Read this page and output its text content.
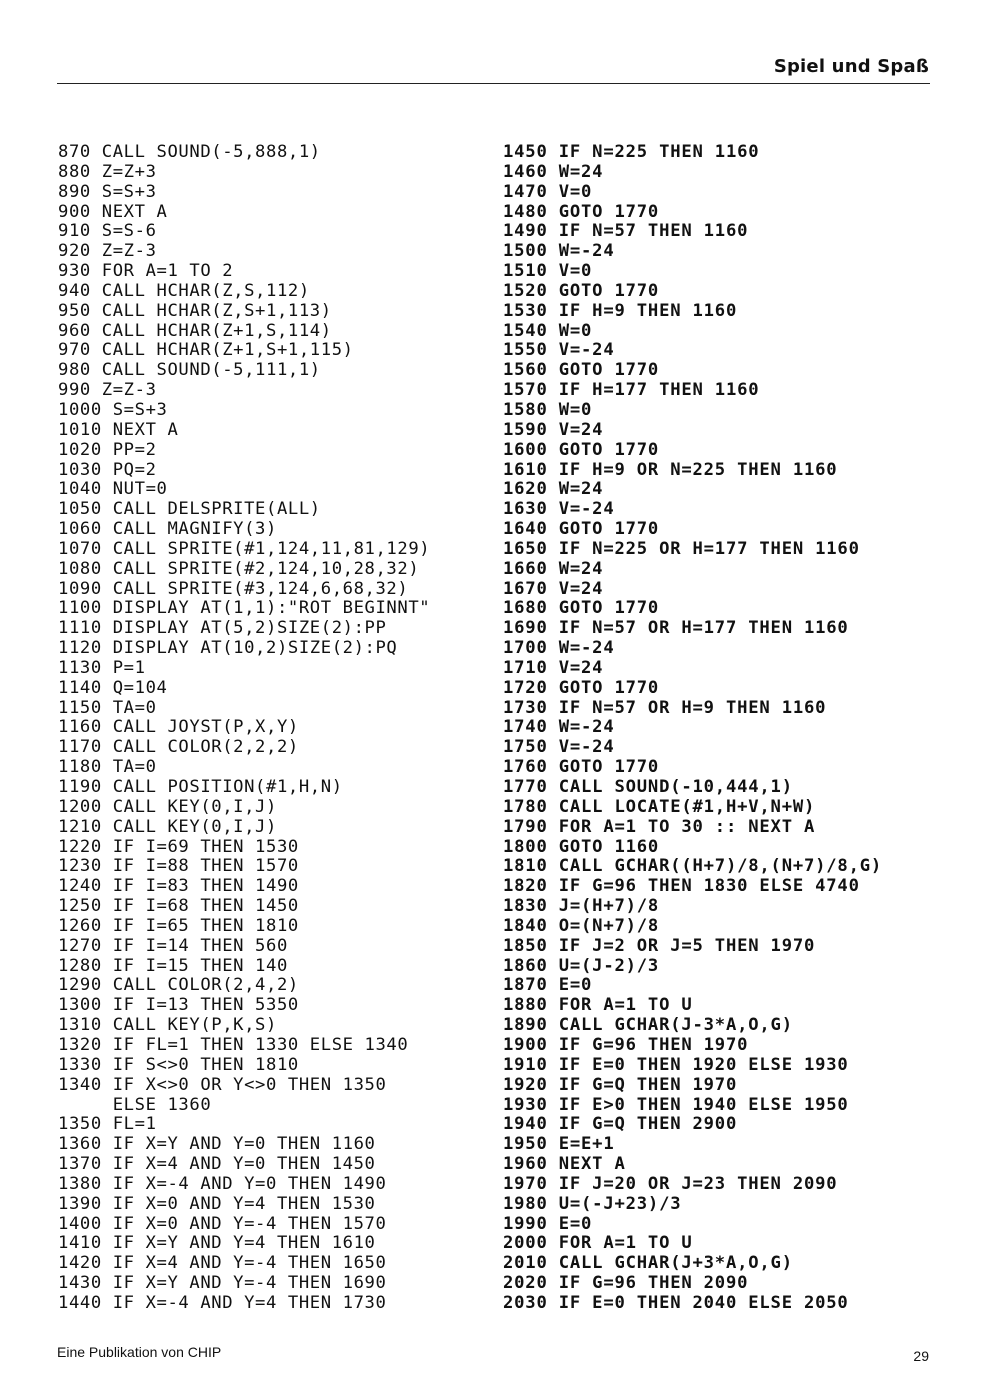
Spiel und Spaß
870 CALL SOUND(-5,888,1)
880 Z=Z+3
890 S=S+3
900 NEXT A
910 S=S-6
920 Z=Z-3
930 FOR A=1 TO 2
940 CALL HCHAR(Z,S,112)
950 CALL HCHAR(Z,S+1,113)
960 CALL HCHAR(Z+1,S,114)
970 CALL HCHAR(Z+1,S+1,115)
980 CALL SOUND(-5,111,1)
990 Z=Z-3
1000 S=S+3
1010 NEXT A
1020 PP=2
1030 PQ=2
1040 NUT=0
1050 CALL DELSPRITE(ALL)
1060 CALL MAGNIFY(3)
1070 CALL SPRITE(#1,124,11,81,129)
1080 CALL SPRITE(#2,124,10,28,32)
1090 CALL SPRITE(#3,124,6,68,32)
1100 DISPLAY AT(1,1):"ROT BEGINNT"
1110 DISPLAY AT(5,2)SIZE(2):PP
1120 DISPLAY AT(10,2)SIZE(2):PQ
1130 P=1
1140 Q=104
1150 TA=0
1160 CALL JOYST(P,X,Y)
1170 CALL COLOR(2,2,2)
1180 TA=0
1190 CALL POSITION(#1,H,N)
1200 CALL KEY(0,I,J)
1210 CALL KEY(0,I,J)
1220 IF I=69 THEN 1530
1230 IF I=88 THEN 1570
1240 IF I=83 THEN 1490
1250 IF I=68 THEN 1450
1260 IF I=65 THEN 1810
1270 IF I=14 THEN 560
1280 IF I=15 THEN 140
1290 CALL COLOR(2,4,2)
1300 IF I=13 THEN 5350
1310 CALL KEY(P,K,S)
1320 IF FL=1 THEN 1330 ELSE 1340
1330 IF S<>0 THEN 1810
1340 IF X<>0 OR Y<>0 THEN 1350
ELSE 1360
1350 FL=1
1360 IF X=Y AND Y=0 THEN 1160
1370 IF X=4 AND Y=0 THEN 1450
1380 IF X=-4 AND Y=0 THEN 1490
1390 IF X=0 AND Y=4 THEN 1530
1400 IF X=0 AND Y=-4 THEN 1570
1410 IF X=Y AND Y=4 THEN 1610
1420 IF X=4 AND Y=-4 THEN 1650
1430 IF X=Y AND Y=-4 THEN 1690
1440 IF X=-4 AND Y=4 THEN 1730
1450 IF N=225 THEN 1160
1460 W=24
1470 V=0
1480 GOTO 1770
1490 IF N=57 THEN 1160
1500 W=-24
1510 V=0
1520 GOTO 1770
1530 IF H=9 THEN 1160
1540 W=0
1550 V=-24
1560 GOTO 1770
1570 IF H=177 THEN 1160
1580 W=0
1590 V=24
1600 GOTO 1770
1610 IF H=9 OR N=225 THEN 1160
1620 W=24
1630 V=-24
1640 GOTO 1770
1650 IF N=225 OR H=177 THEN 1160
1660 W=24
1670 V=24
1680 GOTO 1770
1690 IF N=57 OR H=177 THEN 1160
1700 W=-24
1710 V=24
1720 GOTO 1770
1730 IF N=57 OR H=9 THEN 1160
1740 W=-24
1750 V=-24
1760 GOTO 1770
1770 CALL SOUND(-10,444,1)
1780 CALL LOCATE(#1,H+V,N+W)
1790 FOR A=1 TO 30 :: NEXT A
1800 GOTO 1160
1810 CALL GCHAR((H+7)/8,(N+7)/8,G)
1820 IF G=96 THEN 1830 ELSE 4740
1830 J=(H+7)/8
1840 O=(N+7)/8
1850 IF J=2 OR J=5 THEN 1970
1860 U=(J-2)/3
1870 E=0
1880 FOR A=1 TO U
1890 CALL GCHAR(J-3*A,O,G)
1900 IF G=96 THEN 1970
1910 IF E=0 THEN 1920 ELSE 1930
1920 IF G=Q THEN 1970
1930 IF E>0 THEN 1940 ELSE 1950
1940 IF G=Q THEN 2900
1950 E=E+1
1960 NEXT A
1970 IF J=20 OR J=23 THEN 2090
1980 U=(-J+23)/3
1990 E=0
2000 FOR A=1 TO U
2010 CALL GCHAR(J+3*A,O,G)
2020 IF G=96 THEN 2090
2030 IF E=0 THEN 2040 ELSE 2050
Eine Publikation von CHIP	29
